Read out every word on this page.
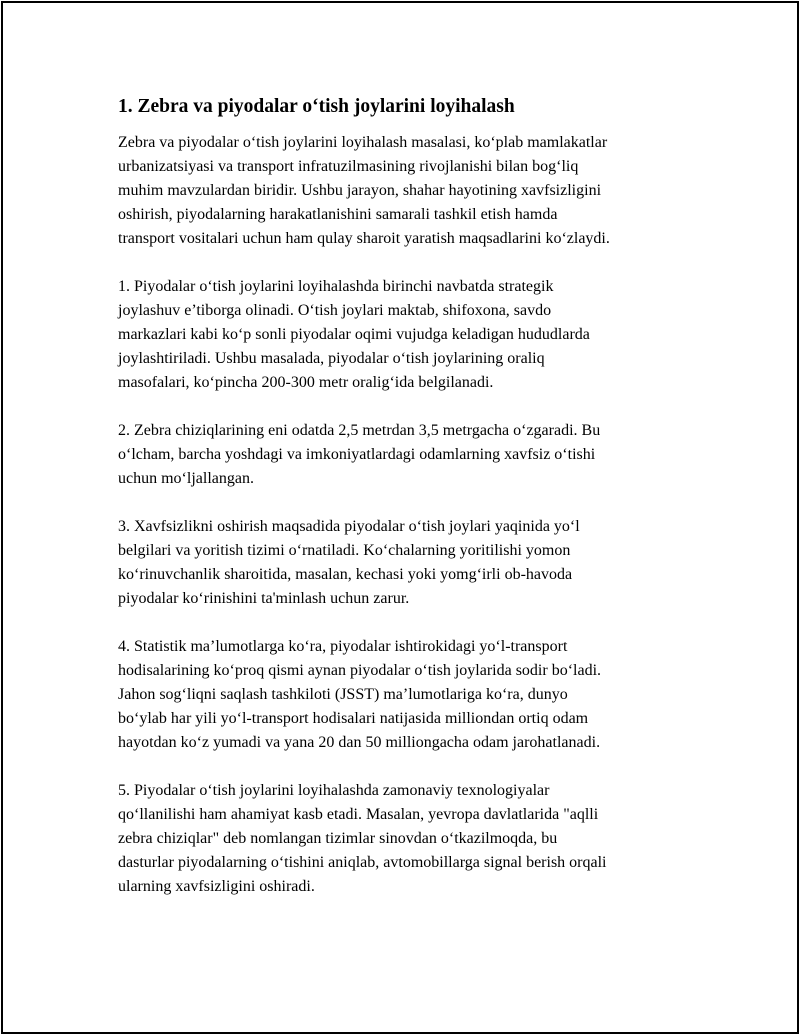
1. Zebra va piyodalar o‘tish joylarini loyihalash

Zebra va piyodalar o‘tish joylarini loyihalash masalasi, ko‘plab mamlakatlar
urbanizatsiyasi va transport infratuzilmasining rivojlanishi bilan bog‘liq
muhim mavzulardan biridir. Ushbu jarayon, shahar hayotining xavfsizligini
oshirish, piyodalarning harakatlanishini samarali tashkil etish hamda
transport vositalari uchun ham qulay sharoit yaratish maqsadlarini ko‘zlaydi.

1. Piyodalar o‘tish joylarini loyihalashda birinchi navbatda strategik
joylashuv e’tiborga olinadi. O‘tish joylari maktab, shifoxona, savdo
markazlari kabi ko‘p sonli piyodalar oqimi vujudga keladigan hududlarda
joylashtiriladi. Ushbu masalada, piyodalar o‘tish joylarining oraliq
masofalari, ko‘pincha 200-300 metr oralig‘ida belgilanadi.

2. Zebra chiziqlarining eni odatda 2,5 metrdan 3,5 metrgacha o‘zgaradi. Bu
o‘lcham, barcha yoshdagi va imkoniyatlardagi odamlarning xavfsiz o‘tishi
uchun mo‘ljallangan.

3. Xavfsizlikni oshirish maqsadida piyodalar o‘tish joylari yaqinida yo‘l
belgilari va yoritish tizimi o‘rnatiladi. Ko‘chalarning yoritilishi yomon
ko‘rinuvchanlik sharoitida, masalan, kechasi yoki yomg‘irli ob-havoda
piyodalar ko‘rinishini ta'minlash uchun zarur.

4. Statistik ma’lumotlarga ko‘ra, piyodalar ishtirokidagi yo‘l-transport
hodisalarining ko‘proq qismi aynan piyodalar o‘tish joylarida sodir bo‘ladi.
Jahon sog‘liqni saqlash tashkiloti (JSST) ma’lumotlariga ko‘ra, dunyo
bo‘ylab har yili yo‘l-transport hodisalari natijasida milliondan ortiq odam
hayotdan ko‘z yumadi va yana 20 dan 50 milliongacha odam jarohatlanadi.

5. Piyodalar o‘tish joylarini loyihalashda zamonaviy texnologiyalar
qo‘llanilishi ham ahamiyat kasb etadi. Masalan, yevropa davlatlarida "aqlli
zebra chiziqlar" deb nomlangan tizimlar sinovdan o‘tkazilmoqda, bu
dasturlar piyodalarning o‘tishini aniqlab, avtomobillarga signal berish orqali
ularning xavfsizligini oshiradi.
